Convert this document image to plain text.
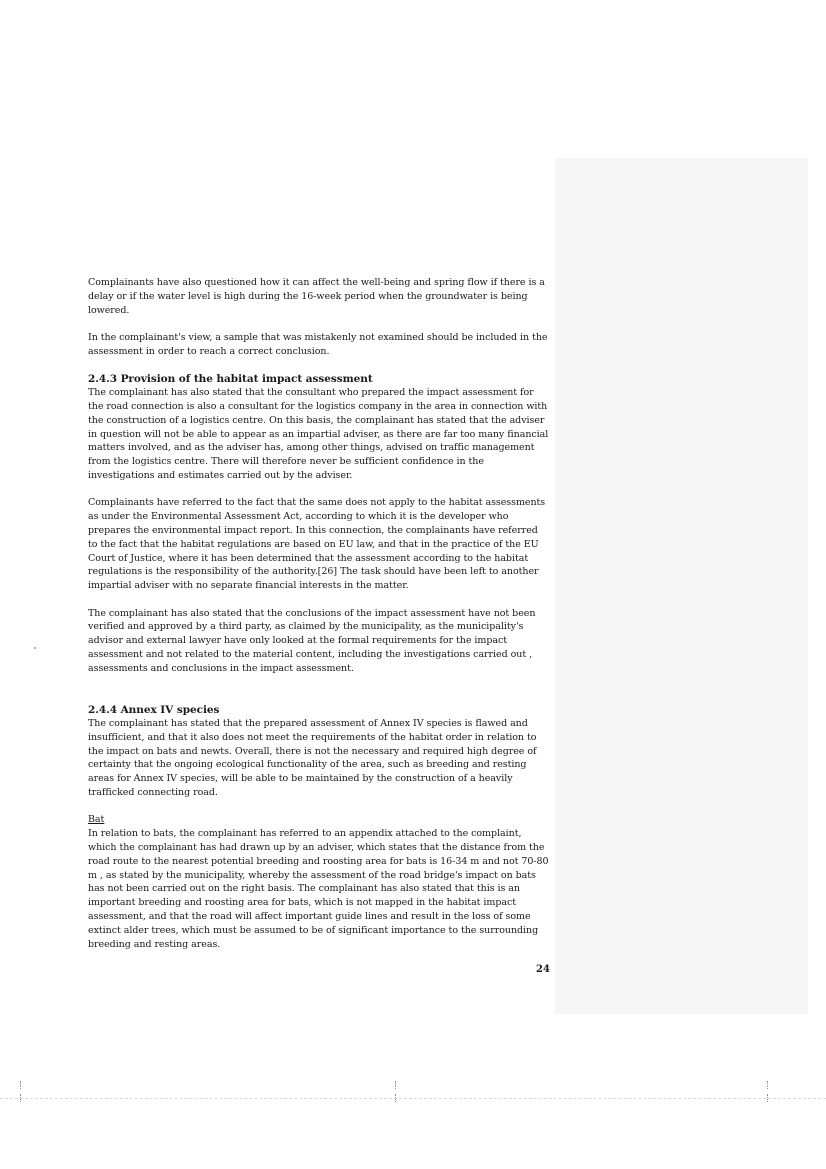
Complainants have also questioned how it can affect the well-being and spring flow if there is a delay or if the water level is high during the 16-week period when the groundwater is being lowered.

In the complainant's view, a sample that was mistakenly not examined should be included in the assessment in order to reach a correct conclusion.

2.4.3 Provision of the habitat impact assessment

The complainant has also stated that the consultant who prepared the impact assessment for the road connection is also a consultant for the logistics company in the area in connection with the construction of a logistics centre. On this basis, the complainant has stated that the adviser in question will not be able to appear as an impartial adviser, as there are far too many financial matters involved, and as the adviser has, among other things, advised on traffic management from the logistics centre. There will therefore never be sufficient confidence in the investigations and estimates carried out by the adviser.

Complainants have referred to the fact that the same does not apply to the habitat assessments as under the Environmental Assessment Act, according to which it is the developer who prepares the environmental impact report. In this connection, the complainants have referred to the fact that the habitat regulations are based on EU law, and that in the practice of the EU Court of Justice, where it has been determined that the assessment according to the habitat regulations is the responsibility of the authority.[26] The task should have been left to another impartial adviser with no separate financial interests in the matter.

The complainant has also stated that the conclusions of the impact assessment have not been verified and approved by a third party, as claimed by the municipality, as the municipality's advisor and external lawyer have only looked at the formal requirements for the impact assessment and not related to the material content, including the investigations carried out , assessments and conclusions in the impact assessment.

2.4.4 Annex IV species

The complainant has stated that the prepared assessment of Annex IV species is flawed and insufficient, and that it also does not meet the requirements of the habitat order in relation to the impact on bats and newts. Overall, there is not the necessary and required high degree of certainty that the ongoing ecological functionality of the area, such as breeding and resting areas for Annex IV species, will be able to be maintained by the construction of a heavily trafficked connecting road.

Bat

In relation to bats, the complainant has referred to an appendix attached to the complaint, which the complainant has had drawn up by an adviser, which states that the distance from the road route to the nearest potential breeding and roosting area for bats is 16-34 m and not 70-80 m , as stated by the municipality, whereby the assessment of the road bridge's impact on bats has not been carried out on the right basis. The complainant has also stated that this is an important breeding and roosting area for bats, which is not mapped in the habitat impact assessment, and that the road will affect important guide lines and result in the loss of some extinct alder trees, which must be assumed to be of significant importance to the surrounding breeding and resting areas.

24
